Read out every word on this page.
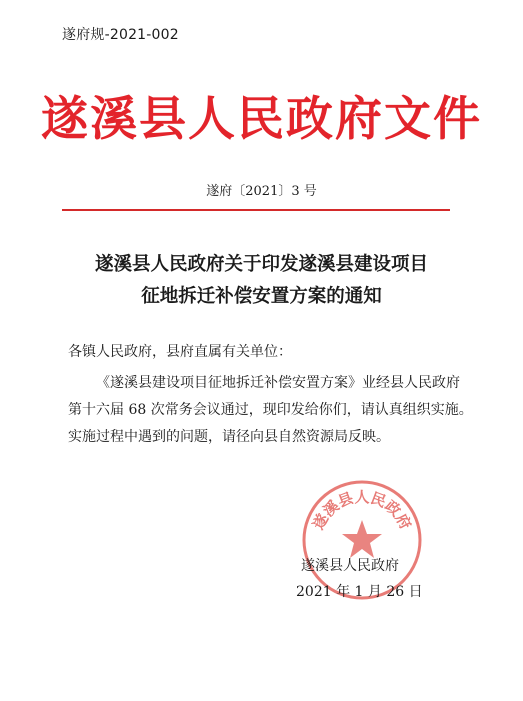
遂府规-2021-002
遂溪县人民政府文件
遂府〔2021〕3 号
遂溪县人民政府关于印发遂溪县建设项目
征地拆迁补偿安置方案的通知
各镇人民政府，县府直属有关单位：
《遂溪县建设项目征地拆迁补偿安置方案》业经县人民政府
第十六届 68 次常务会议通过，现印发给你们，请认真组织实施。
实施过程中遇到的问题，请径向县自然资源局反映。
遂溪县人民政府
遂溪县人民政府
2021 年 1 月 26 日
